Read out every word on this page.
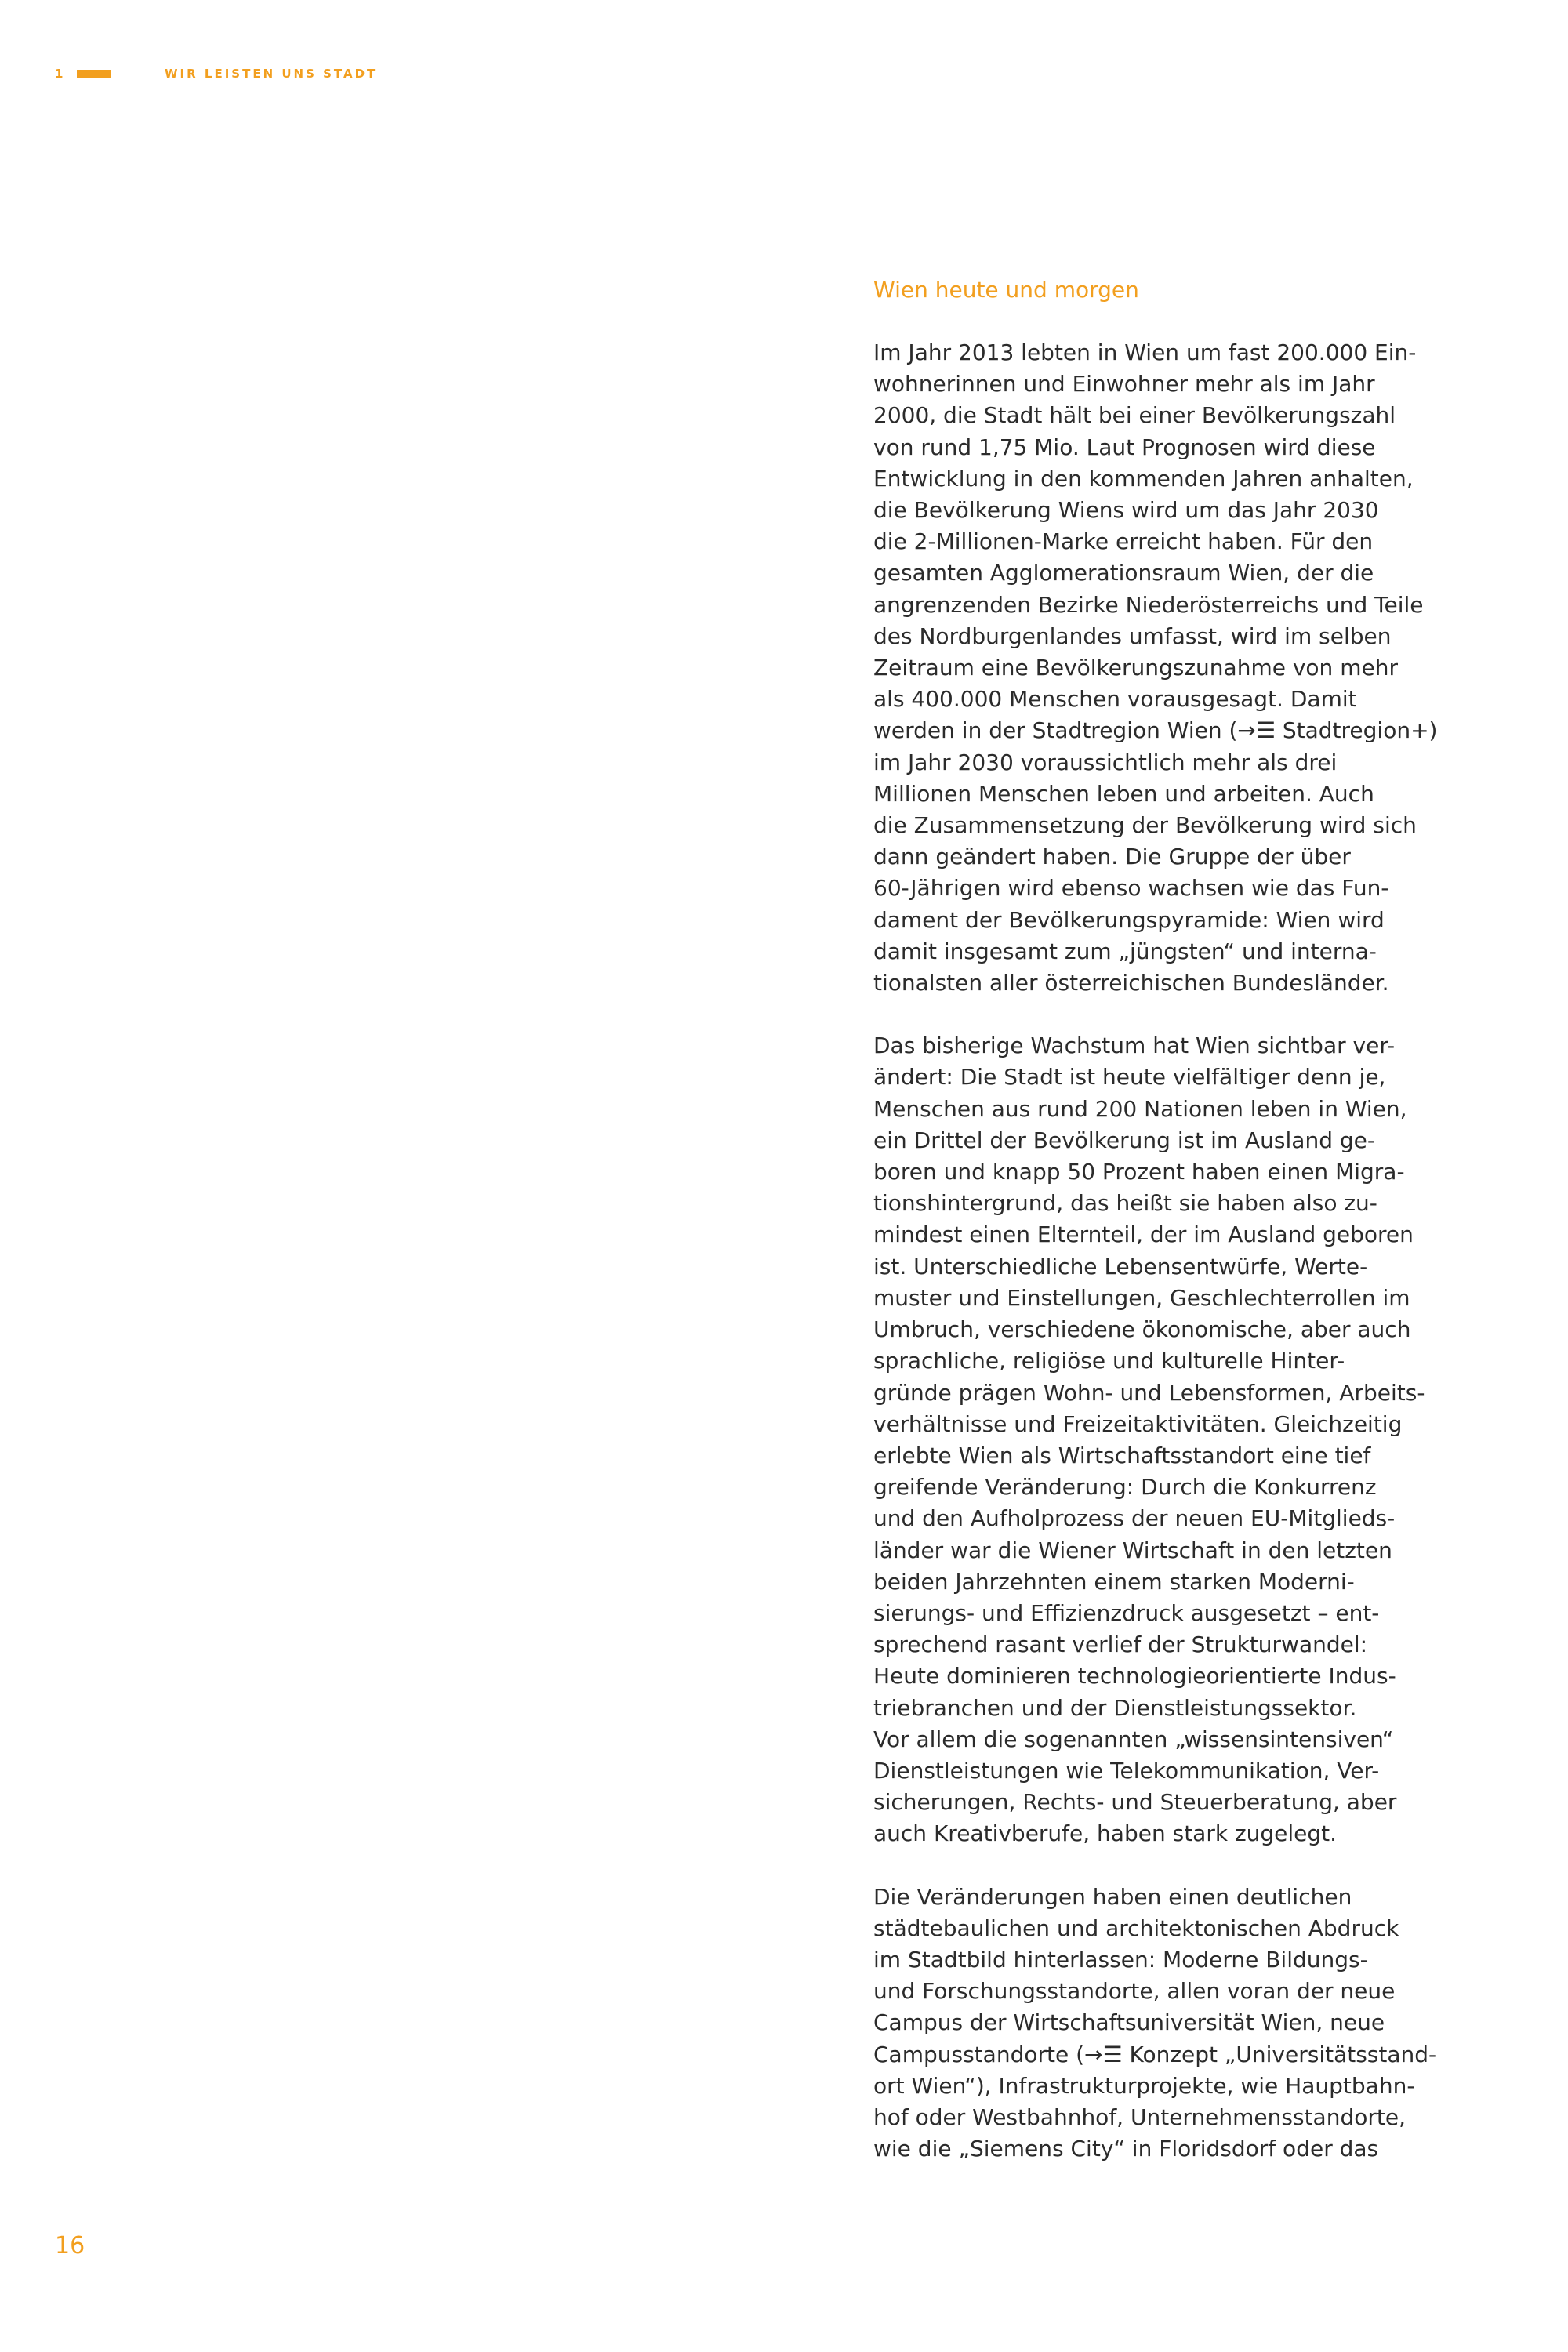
1	WIR LEISTEN UNS STADT
Wien heute und morgen

Im Jahr 2013 lebten in Wien um fast 200.000 Ein-
wohnerinnen und Einwohner mehr als im Jahr
2000, die Stadt hält bei einer Bevölkerungszahl
von rund 1,75 Mio. Laut Prognosen wird diese
Entwicklung in den kommenden Jahren anhalten,
die Bevölkerung Wiens wird um das Jahr 2030
die 2-Millionen-Marke erreicht haben. Für den
gesamten Agglomerationsraum Wien, der die
angrenzenden Bezirke Niederösterreichs und Teile
des Nordburgenlandes umfasst, wird im selben
Zeitraum eine Bevölkerungszunahme von mehr
als 400.000 Menschen vorausgesagt. Damit
werden in der Stadtregion Wien (→☰ Stadtregion+)
im Jahr 2030 voraussichtlich mehr als drei
Millionen Menschen leben und arbeiten. Auch
die Zusammensetzung der Bevölkerung wird sich
dann geändert haben. Die Gruppe der über
60-Jährigen wird ebenso wachsen wie das Fun-
dament der Bevölkerungspyramide: Wien wird
damit insgesamt zum „jüngsten“ und interna-
tionalsten aller österreichischen Bundesländer.

Das bisherige Wachstum hat Wien sichtbar ver-
ändert: Die Stadt ist heute vielfältiger denn je,
Menschen aus rund 200 Nationen leben in Wien,
ein Drittel der Bevölkerung ist im Ausland ge-
boren und knapp 50 Prozent haben einen Migra-
tionshintergrund, das heißt sie haben also zu-
mindest einen Elternteil, der im Ausland geboren
ist. Unterschiedliche Lebensentwürfe, Werte-
muster und Einstellungen, Geschlechterrollen im
Umbruch, verschiedene ökonomische, aber auch
sprachliche, religiöse und kulturelle Hinter-
gründe prägen Wohn- und Lebensformen, Arbeits-
verhältnisse und Freizeitaktivitäten. Gleichzeitig
erlebte Wien als Wirtschaftsstandort eine tief
greifende Veränderung: Durch die Konkurrenz
und den Aufholprozess der neuen EU-Mitglieds-
länder war die Wiener Wirtschaft in den letzten
beiden Jahrzehnten einem starken Moderni-
sierungs- und Effizienzdruck ausgesetzt – ent-
sprechend rasant verlief der Strukturwandel:
Heute dominieren technologieorientierte Indus-
triebranchen und der Dienstleistungssektor.
Vor allem die sogenannten „wissensintensiven“
Dienstleistungen wie Telekommunikation, Ver-
sicherungen, Rechts- und Steuerberatung, aber
auch Kreativberufe, haben stark zugelegt.

Die Veränderungen haben einen deutlichen
städtebaulichen und architektonischen Abdruck
im Stadtbild hinterlassen: Moderne Bildungs-
und Forschungsstandorte, allen voran der neue
Campus der Wirtschaftsuniversität Wien, neue
Campusstandorte (→☰ Konzept „Universitätsstand-
ort Wien“), Infrastrukturprojekte, wie Hauptbahn-
hof oder Westbahnhof, Unternehmensstandorte,
wie die „Siemens City“ in Floridsdorf oder das

16
